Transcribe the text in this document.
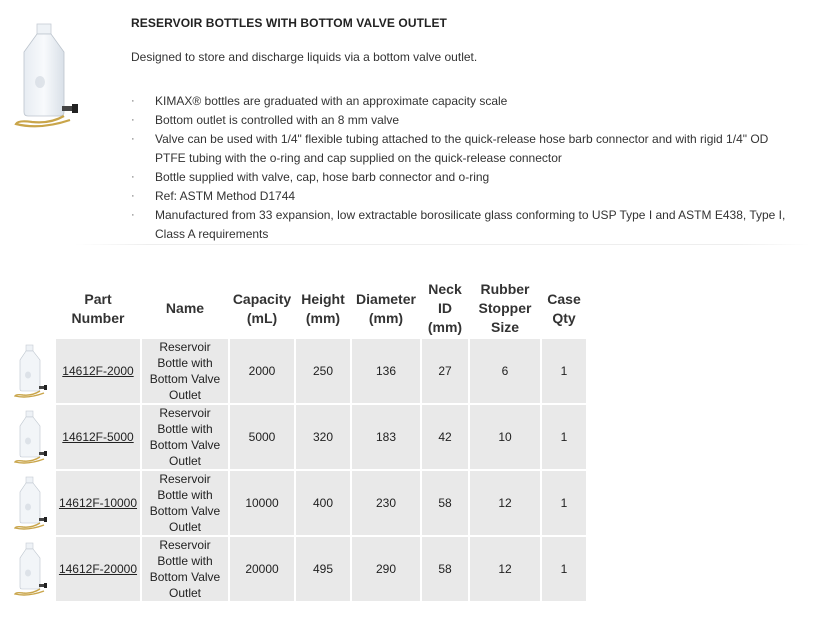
RESERVOIR BOTTLES WITH BOTTOM VALVE OUTLET

Designed to store and discharge liquids via a bottom valve outlet.

· KIMAX® bottles are graduated with an approximate capacity scale
· Bottom outlet is controlled with an 8 mm valve
· Valve can be used with 1/4" flexible tubing attached to the quick-release hose barb connector and with rigid 1/4" OD
PTFE tubing with the o-ring and cap supplied on the quick-release connector
· Bottle supplied with valve, cap, hose barb connector and o-ring
· Ref: ASTM Method D1744
· Manufactured from 33 expansion, low extractable borosilicate glass conforming to USP Type I and ASTM E438, Type I,
Class A requirements
	Part Number	Name	Capacity (mL)	Height (mm)	Diameter (mm)	Neck ID (mm)	Rubber Stopper Size	Case Qty

	14612F-2000	Reservoir Bottle with Bottom Valve Outlet	2000	250	136	27	6	1

	14612F-5000	Reservoir Bottle with Bottom Valve Outlet	5000	320	183	42	10	1

	14612F-10000	Reservoir Bottle with Bottom Valve Outlet	10000	400	230	58	12	1

	14612F-20000	Reservoir Bottle with Bottom Valve Outlet	20000	495	290	58	12	1
